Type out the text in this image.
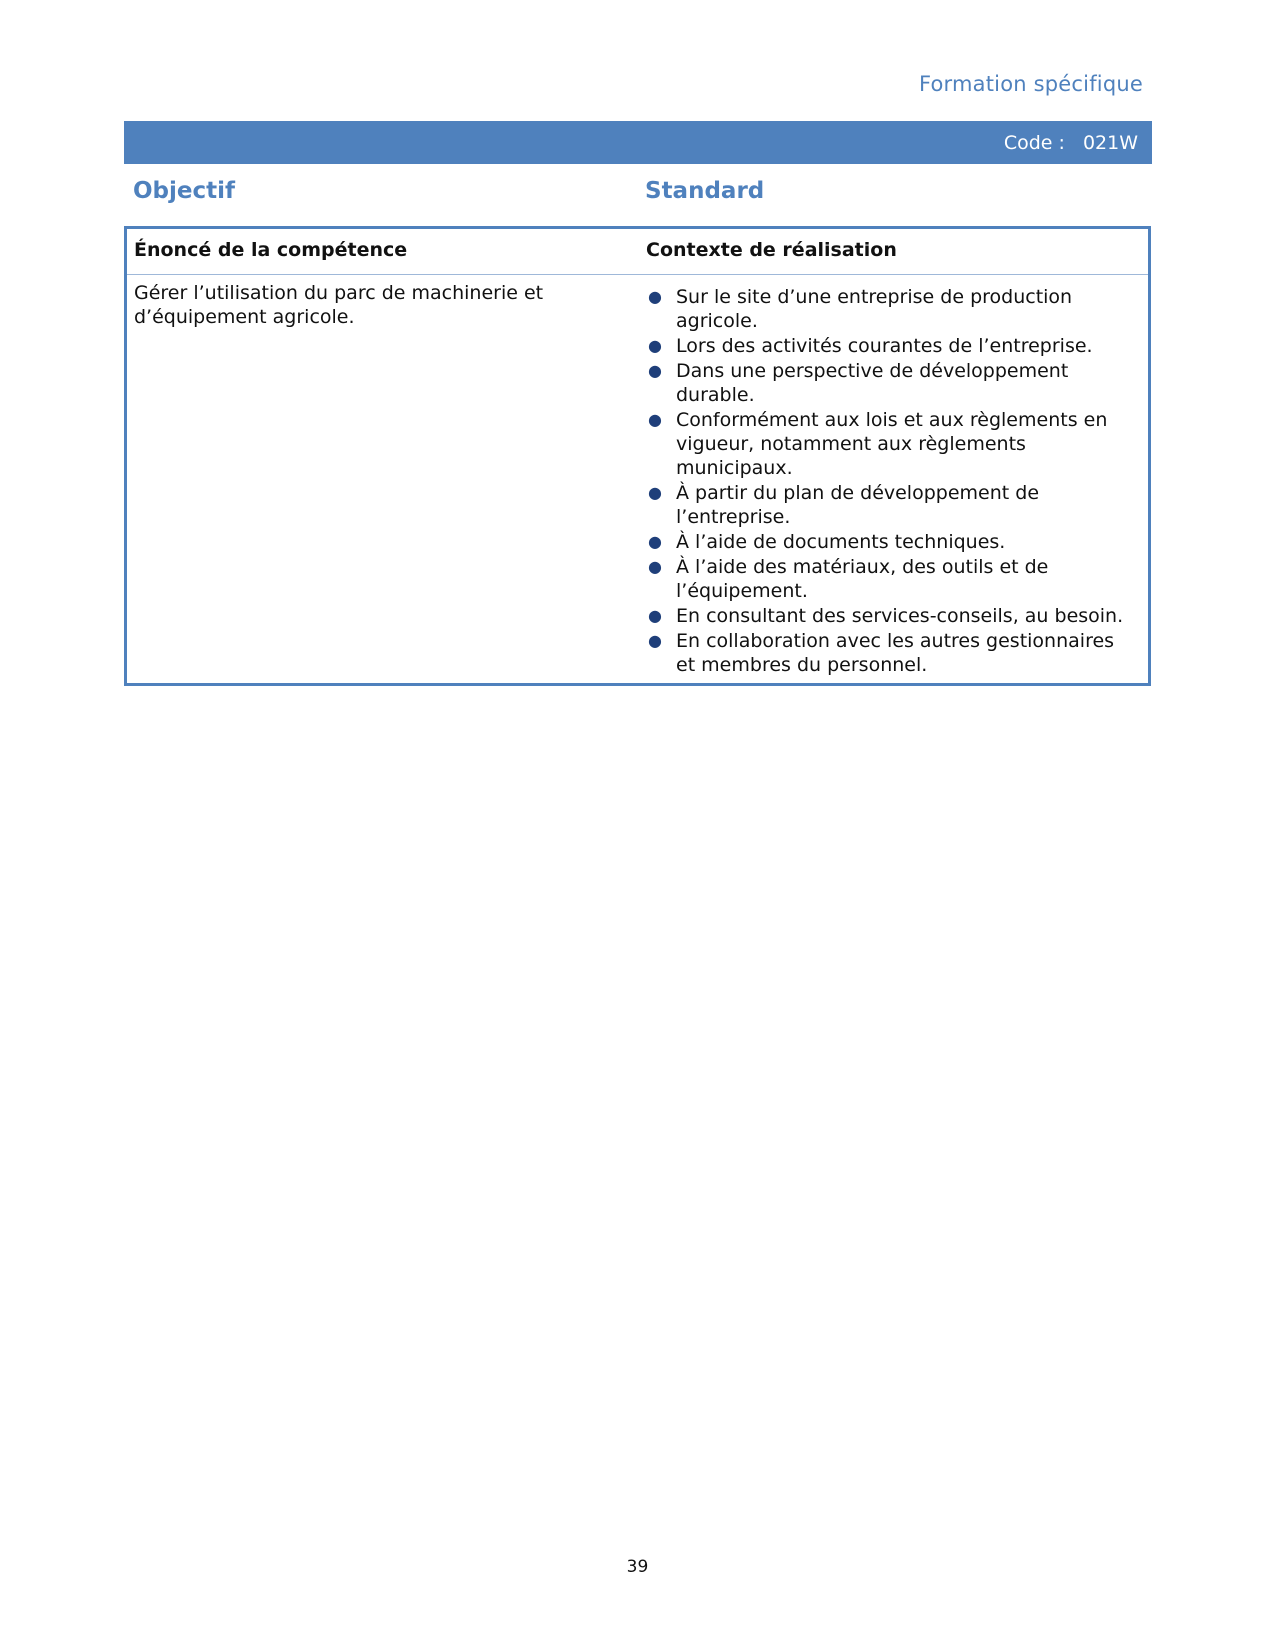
Formation spécifique
Code : 021W
Objectif	Standard
Énoncé de la compétence	Contexte de réalisation
Gérer l’utilisation du parc de machinerie et d’équipement agricole.
● Sur le site d’une entreprise de production agricole.
● Lors des activités courantes de l’entreprise.
● Dans une perspective de développement durable.
● Conformément aux lois et aux règlements en vigueur, notamment aux règlements municipaux.
● À partir du plan de développement de l’entreprise.
● À l’aide de documents techniques.
● À l’aide des matériaux, des outils et de l’équipement.
● En consultant des services-conseils, au besoin.
● En collaboration avec les autres gestionnaires et membres du personnel.
39
